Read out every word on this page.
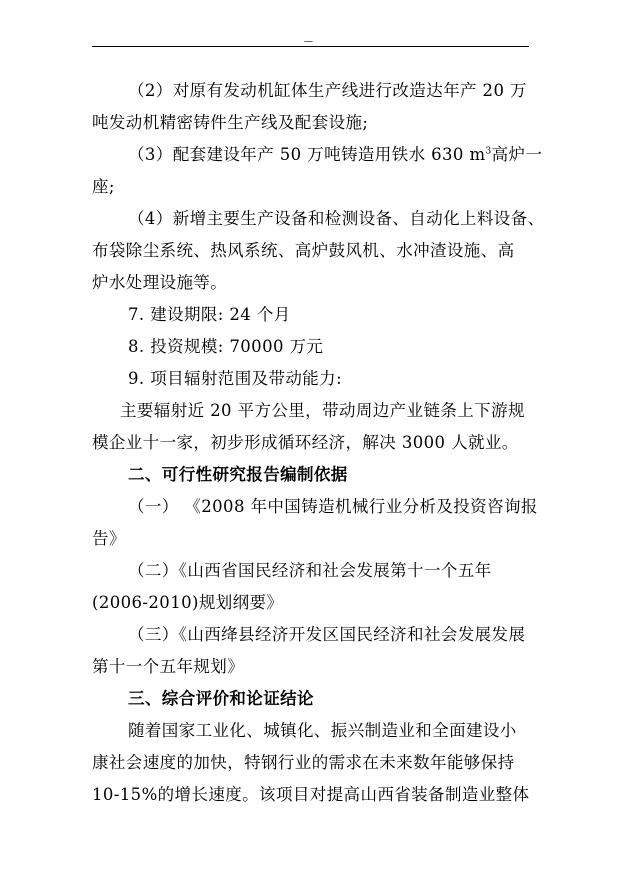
—
（2）对原有发动机缸体生产线进行改造达年产 20 万
吨发动机精密铸件生产线及配套设施;
（3）配套建设年产 50 万吨铸造用铁水 630 $m^3$高炉一
座;
（4）新增主要生产设备和检测设备、自动化上料设备、
布袋除尘系统、热风系统、高炉鼓风机、水冲渣设施、高
炉水处理设施等。
7. 建设期限: 24 个月
8. 投资规模: 70000 万元
9. 项目辐射范围及带动能力:
主要辐射近 20 平方公里，带动周边产业链条上下游规
模企业十一家，初步形成循环经济，解决 3000 人就业。
二、可行性研究报告编制依据
（一） 《2008 年中国铸造机械行业分析及投资咨询报
告》
（二）《山西省国民经济和社会发展第十一个五年
(2006-2010)规划纲要》
（三）《山西绛县经济开发区国民经济和社会发展发展
第十一个五年规划》
三、综合评价和论证结论
随着国家工业化、城镇化、振兴制造业和全面建设小
康社会速度的加快，特钢行业的需求在未来数年能够保持
10-15%的增长速度。该项目对提高山西省装备制造业整体
